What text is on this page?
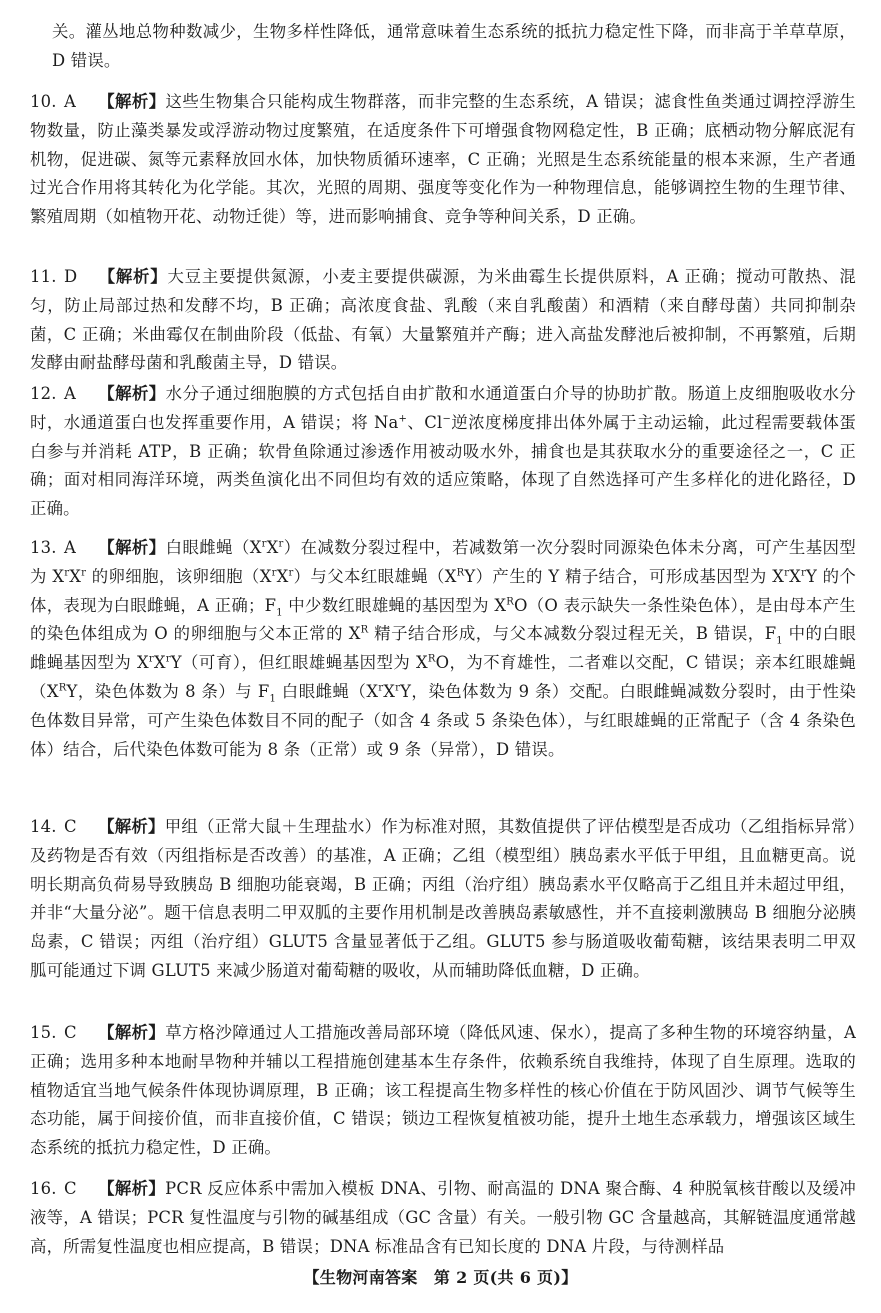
关。灌丛地总物种数减少，生物多样性降低，通常意味着生态系统的抵抗力稳定性下降，而非高于羊草草原，D 错误。
10. A 【解析】这些生物集合只能构成生物群落，而非完整的生态系统，A 错误；滤食性鱼类通过调控浮游生物数量，防止藻类暴发或浮游动物过度繁殖，在适度条件下可增强食物网稳定性，B 正确；底栖动物分解底泥有机物，促进碳、氮等元素释放回水体，加快物质循环速率，C 正确；光照是生态系统能量的根本来源，生产者通过光合作用将其转化为化学能。其次，光照的周期、强度等变化作为一种物理信息，能够调控生物的生理节律、繁殖周期（如植物开花、动物迁徙）等，进而影响捕食、竞争等种间关系，D 正确。
11. D 【解析】大豆主要提供氮源，小麦主要提供碳源，为米曲霉生长提供原料，A 正确；搅动可散热、混匀，防止局部过热和发酵不均，B 正确；高浓度食盐、乳酸（来自乳酸菌）和酒精（来自酵母菌）共同抑制杂菌，C 正确；米曲霉仅在制曲阶段（低盐、有氧）大量繁殖并产酶；进入高盐发酵池后被抑制，不再繁殖，后期发酵由耐盐酵母菌和乳酸菌主导，D 错误。
12. A 【解析】水分子通过细胞膜的方式包括自由扩散和水通道蛋白介导的协助扩散。肠道上皮细胞吸收水分时，水通道蛋白也发挥重要作用，A 错误；将 Na+、Cl−逆浓度梯度排出体外属于主动运输，此过程需要载体蛋白参与并消耗 ATP，B 正确；软骨鱼除通过渗透作用被动吸水外，捕食也是其获取水分的重要途径之一，C 正确；面对相同海洋环境，两类鱼演化出不同但均有效的适应策略，体现了自然选择可产生多样化的进化路径，D 正确。
13. A 【解析】白眼雌蝇$(X^rX^r)$在减数分裂过程中，若减数第一次分裂时同源染色体未分离，可产生基因型为 $X^rX^r$ 的卵细胞，该卵细胞$(X^rX^r)$与父本红眼雄蝇$(X^RY)$产生的 Y 精子结合，可形成基因型为 $X^rX^rY$ 的个体，表现为白眼雌蝇，A 正确；$F_1$ 中少数红眼雄蝇的基因型为 $X^RO(O$ 表示缺失一条性染色体），是由母本产生的染色体组成为 O 的卵细胞与父本正常的 $X^R$ 精子结合形成，与父本减数分裂过程无关，B 错误，$F_1$ 中的白眼雌蝇基因型为 $X^rX^rY$（可育），但红眼雄蝇基因型为 $X^RO$，为不育雄性，二者难以交配，C 错误；亲本红眼雄蝇（$X^RY$，染色体数为 8 条）与 $F_1$ 白眼雌蝇（$X^rX^rY$，染色体数为 9 条）交配。白眼雌蝇减数分裂时，由于性染色体数目异常，可产生染色体数目不同的配子（如含 4 条或 5 条染色体），与红眼雄蝇的正常配子（含 4 条染色体）结合，后代染色体数可能为 8 条（正常）或 9 条（异常），D 错误。
14. C 【解析】甲组（正常大鼠＋生理盐水）作为标准对照，其数值提供了评估模型是否成功（乙组指标异常）及药物是否有效（丙组指标是否改善）的基准，A 正确；乙组（模型组）胰岛素水平低于甲组，且血糖更高。说明长期高负荷易导致胰岛 B 细胞功能衰竭，B 正确；丙组（治疗组）胰岛素水平仅略高于乙组且并未超过甲组，并非“大量分泌”。题干信息表明二甲双胍的主要作用机制是改善胰岛素敏感性，并不直接刺激胰岛 B 细胞分泌胰岛素，C 错误；丙组（治疗组）GLUT5 含量显著低于乙组。GLUT5 参与肠道吸收葡萄糖，该结果表明二甲双胍可能通过下调 GLUT5 来减少肠道对葡萄糖的吸收，从而辅助降低血糖，D 正确。
15. C 【解析】草方格沙障通过人工措施改善局部环境（降低风速、保水），提高了多种生物的环境容纳量，A 正确；选用多种本地耐旱物种并辅以工程措施创建基本生存条件，依赖系统自我维持，体现了自生原理。选取的植物适宜当地气候条件体现协调原理，B 正确；该工程提高生物多样性的核心价值在于防风固沙、调节气候等生态功能，属于间接价值，而非直接价值，C 错误；锁边工程恢复植被功能，提升土地生态承载力，增强该区域生态系统的抵抗力稳定性，D 正确。
16. C 【解析】PCR 反应体系中需加入模板 DNA、引物、耐高温的 DNA 聚合酶、4 种脱氧核苷酸以及缓冲液等，A 错误；PCR 复性温度与引物的碱基组成（GC 含量）有关。一般引物 GC 含量越高，其解链温度通常越高，所需复性温度也相应提高，B 错误；DNA 标准品含有已知长度的 DNA 片段，与待测样品
【生物河南答案　第 2 页(共 6 页)】
